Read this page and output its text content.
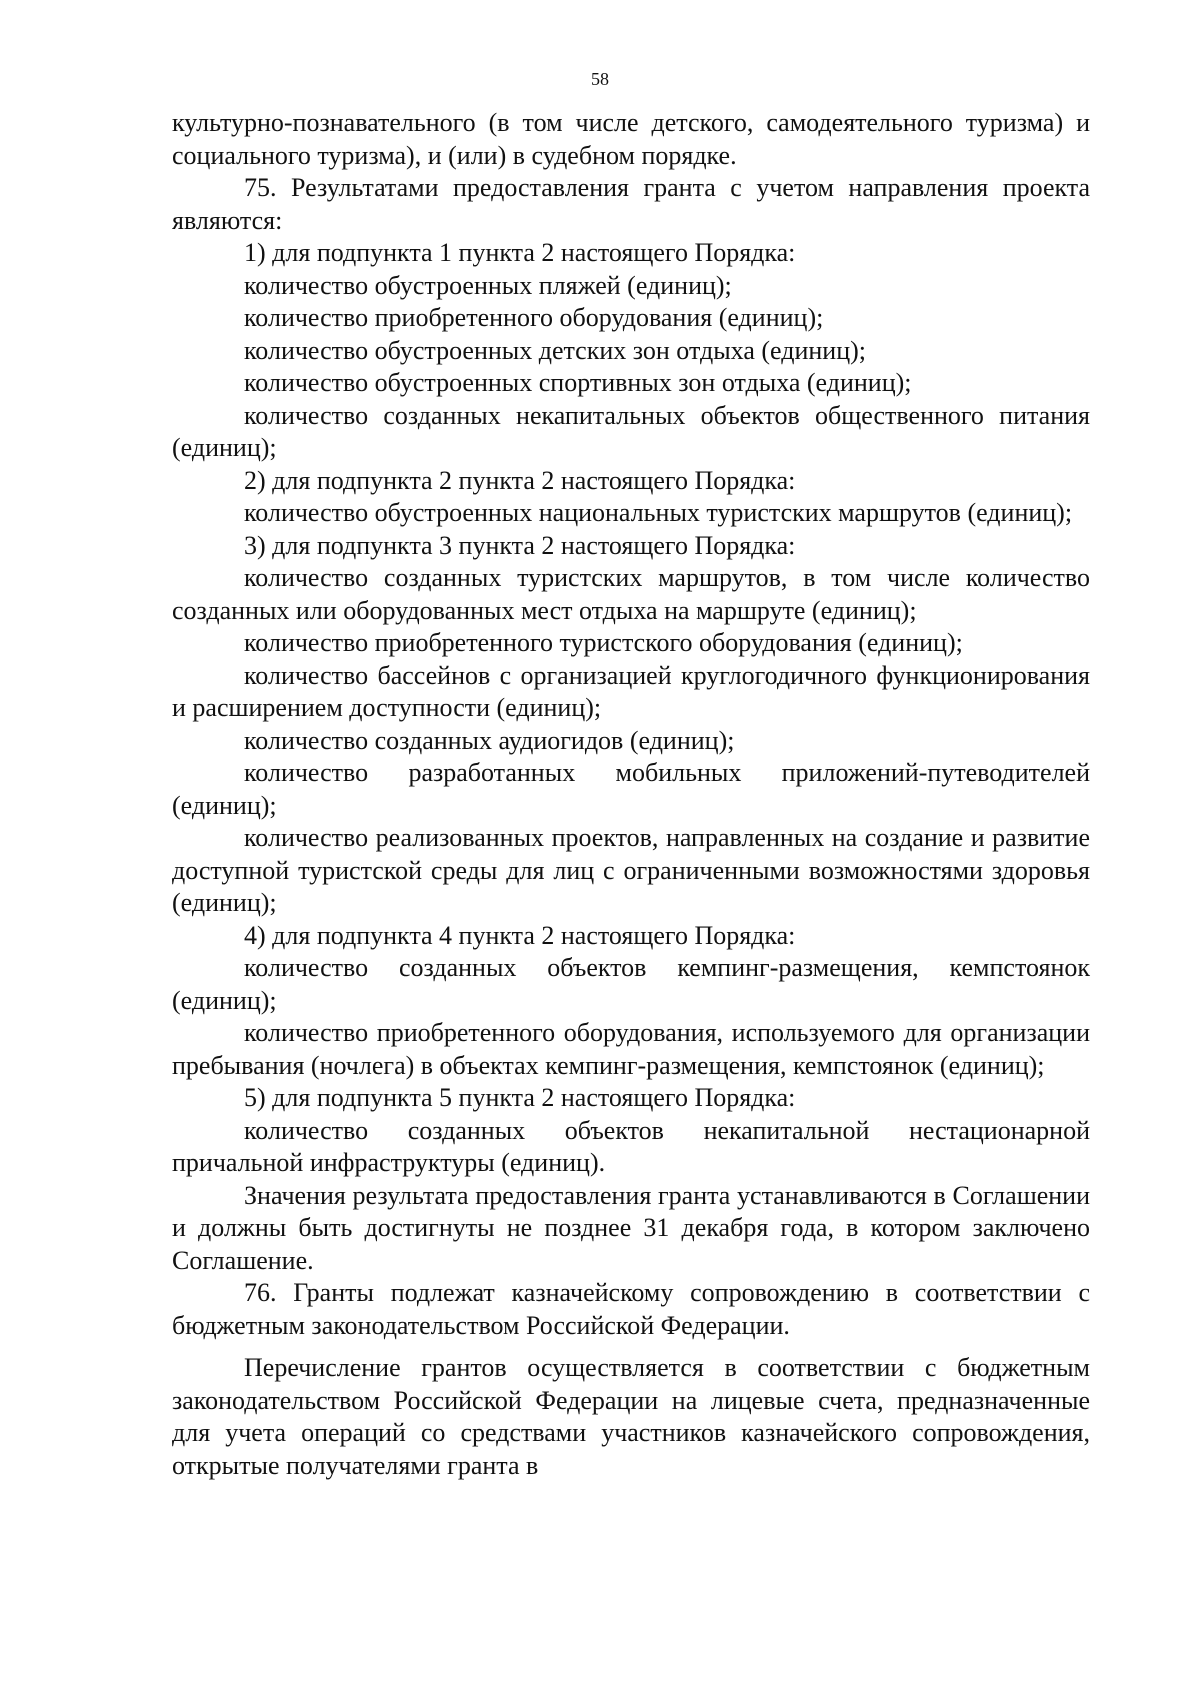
58

культурно-познавательного (в том числе детского, самодеятельного туризма) и социального туризма), и (или) в судебном порядке.

75. Результатами предоставления гранта с учетом направления проекта являются:

1) для подпункта 1 пункта 2 настоящего Порядка:

количество обустроенных пляжей (единиц);

количество приобретенного оборудования (единиц);

количество обустроенных детских зон отдыха (единиц);

количество обустроенных спортивных зон отдыха (единиц);

количество созданных некапитальных объектов общественного питания (единиц);

2) для подпункта 2 пункта 2 настоящего Порядка:

количество обустроенных национальных туристских маршрутов (единиц);

3) для подпункта 3 пункта 2 настоящего Порядка:

количество созданных туристских маршрутов, в том числе количество созданных или оборудованных мест отдыха на маршруте (единиц);

количество приобретенного туристского оборудования (единиц);

количество бассейнов с организацией круглогодичного функционирования и расширением доступности (единиц);

количество созданных аудиогидов (единиц);

количество разработанных мобильных приложений-путеводителей (единиц);

количество реализованных проектов, направленных на создание и развитие доступной туристской среды для лиц с ограниченными возможностями здоровья (единиц);

4) для подпункта 4 пункта 2 настоящего Порядка:

количество созданных объектов кемпинг-размещения, кемпстоянок (единиц);

количество приобретенного оборудования, используемого для организации пребывания (ночлега) в объектах кемпинг-размещения, кемпстоянок (единиц);

5) для подпункта 5 пункта 2 настоящего Порядка:

количество созданных объектов некапитальной нестационарной причальной инфраструктуры (единиц).

Значения результата предоставления гранта устанавливаются в Соглашении и должны быть достигнуты не позднее 31 декабря года, в котором заключено Соглашение.

76. Гранты подлежат казначейскому сопровождению в соответствии с бюджетным законодательством Российской Федерации.

Перечисление грантов осуществляется в соответствии с бюджетным законодательством Российской Федерации на лицевые счета, предназначенные для учета операций со средствами участников казначейского сопровождения, открытые получателями гранта в
